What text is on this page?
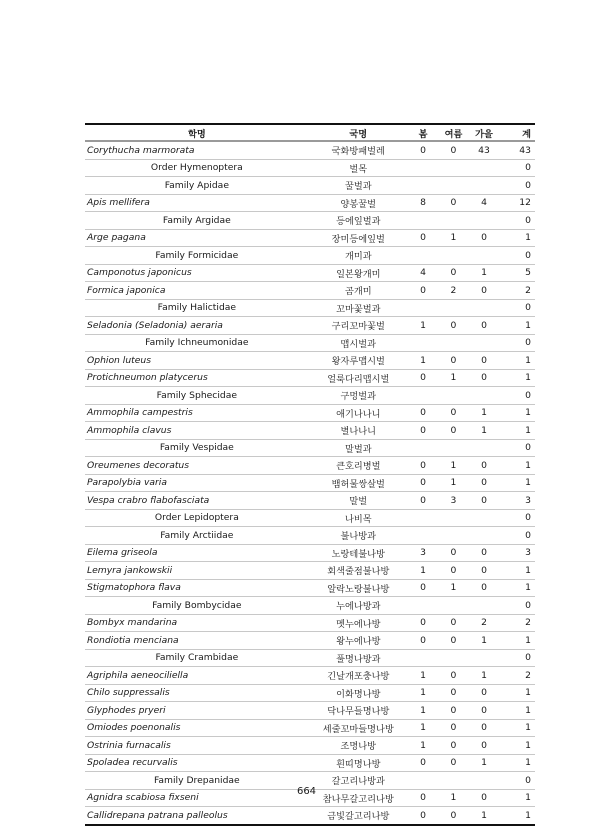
학명	국명	봄	여름	가을	계
Corythucha marmorata	국화방패벌레	0	0	43	43
Order Hymenoptera	벌목				0
Family Apidae	꿀벌과				0
Apis mellifera	양봉꿀벌	8	0	4	12
Family Argidae	등에잎벌과				0
Arge pagana	장미등에잎벌	0	1	0	1
Family Formicidae	개미과				0
Camponotus japonicus	일본왕개미	4	0	1	5
Formica japonica	곰개미	0	2	0	2
Family Halictidae	꼬마꽃벌과				0
Seladonia (Seladonia) aeraria	구리꼬마꽃벌	1	0	0	1
Family Ichneumonidae	맵시벌과				0
Ophion luteus	왕자루맵시벌	1	0	0	1
Protichneumon platycerus	얼룩다리맵시벌	0	1	0	1
Family Sphecidae	구멍벌과				0
Ammophila campestris	애기나나니	0	0	1	1
Ammophila clavus	별나나니	0	0	1	1
Family Vespidae	말벌과				0
Oreumenes decoratus	큰호리병벌	0	1	0	1
Parapolybia varia	뱀허물쌍살벌	0	1	0	1
Vespa crabro flabofasciata	말벌	0	3	0	3
Order Lepidoptera	나비목				0
Family Arctiidae	불나방과				0
Eilema griseola	노랑테불나방	3	0	0	3
Lemyra jankowskii	회색줄점불나방	1	0	0	1
Stigmatophora flava	알락노랑불나방	0	1	0	1
Family Bombycidae	누에나방과				0
Bombyx mandarina	멧누에나방	0	0	2	2
Rondiotia menciana	왕누에나방	0	0	1	1
Family Crambidae	풀명나방과				0
Agriphila aeneociliella	긴날개포충나방	1	0	1	2
Chilo suppressalis	이화명나방	1	0	0	1
Glyphodes pryeri	닥나무들명나방	1	0	0	1
Omiodes poenonalis	세줄꼬마들명나방	1	0	0	1
Ostrinia furnacalis	조명나방	1	0	0	1
Spoladea recurvalis	흰띠명나방	0	0	1	1
Family Drepanidae	갈고리나방과				0
Agnidra scabiosa fixseni	참나무갈고리나방	0	1	0	1
Callidrepana patrana palleolus	금빛갈고리나방	0	0	1	1
664
